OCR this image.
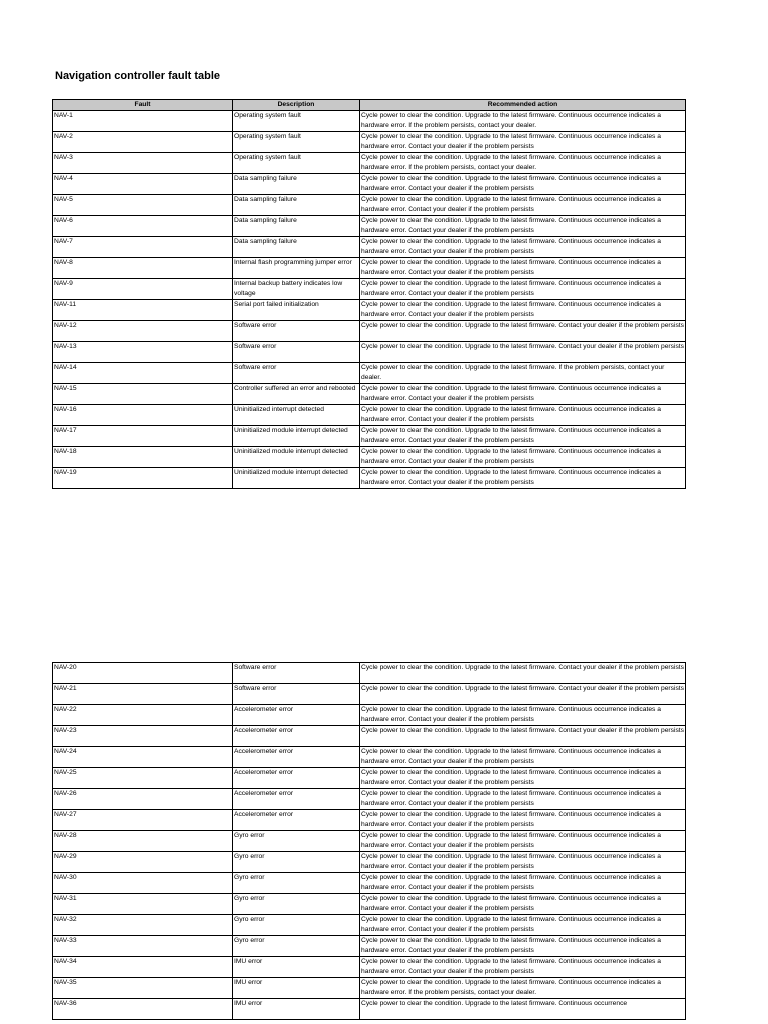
Navigation controller fault table
Fault	Description	Recommended action
NAV-1	Operating system fault	Cycle power to clear the condition. Upgrade to the latest firmware. Continuous occurrence indicates a hardware error. If the problem persists, contact your dealer.
NAV-2	Operating system fault	Cycle power to clear the condition. Upgrade to the latest firmware. Continuous occurrence indicates a hardware error. Contact your dealer if the problem persists
NAV-3	Operating system fault	Cycle power to clear the condition. Upgrade to the latest firmware. Continuous occurrence indicates a hardware error. If the problem persists, contact your dealer.
NAV-4	Data sampling failure	Cycle power to clear the condition. Upgrade to the latest firmware. Continuous occurrence indicates a hardware error. Contact your dealer if the problem persists
NAV-5	Data sampling failure	Cycle power to clear the condition. Upgrade to the latest firmware. Continuous occurrence indicates a hardware error. Contact your dealer if the problem persists
NAV-6	Data sampling failure	Cycle power to clear the condition. Upgrade to the latest firmware. Continuous occurrence indicates a hardware error. Contact your dealer if the problem persists
NAV-7	Data sampling failure	Cycle power to clear the condition. Upgrade to the latest firmware. Continuous occurrence indicates a hardware error. Contact your dealer if the problem persists
NAV-8	Internal flash programming jumper error	Cycle power to clear the condition. Upgrade to the latest firmware. Continuous occurrence indicates a hardware error. Contact your dealer if the problem persists
NAV-9	Internal backup battery indicates low voltage	Cycle power to clear the condition. Upgrade to the latest firmware. Continuous occurrence indicates a hardware error. Contact your dealer if the problem persists
NAV-11	Serial port failed initialization	Cycle power to clear the condition. Upgrade to the latest firmware. Continuous occurrence indicates a hardware error. Contact your dealer if the problem persists
NAV-12	Software error	Cycle power to clear the condition. Upgrade to the latest firmware. Contact your dealer if the problem persists
NAV-13	Software error	Cycle power to clear the condition. Upgrade to the latest firmware. Contact your dealer if the problem persists
NAV-14	Software error	Cycle power to clear the condition. Upgrade to the latest firmware. If the problem persists, contact your dealer.
NAV-15	Controller suffered an error and rebooted	Cycle power to clear the condition. Upgrade to the latest firmware. Continuous occurrence indicates a hardware error. Contact your dealer if the problem persists
NAV-16	Uninitialized interrupt detected	Cycle power to clear the condition. Upgrade to the latest firmware. Continuous occurrence indicates a hardware error. Contact your dealer if the problem persists
NAV-17	Uninitialized module interrupt detected	Cycle power to clear the condition. Upgrade to the latest firmware. Continuous occurrence indicates a hardware error. Contact your dealer if the problem persists
NAV-18	Uninitialized module interrupt detected	Cycle power to clear the condition. Upgrade to the latest firmware. Continuous occurrence indicates a hardware error. Contact your dealer if the problem persists
NAV-19	Uninitialized module interrupt detected	Cycle power to clear the condition. Upgrade to the latest firmware. Continuous occurrence indicates a hardware error. Contact your dealer if the problem persists
NAV-20	Software error	Cycle power to clear the condition. Upgrade to the latest firmware. Contact your dealer if the problem persists
NAV-21	Software error	Cycle power to clear the condition. Upgrade to the latest firmware. Contact your dealer if the problem persists
NAV-22	Accelerometer error	Cycle power to clear the condition. Upgrade to the latest firmware. Continuous occurrence indicates a hardware error. Contact your dealer if the problem persists
NAV-23	Accelerometer error	Cycle power to clear the condition. Upgrade to the latest firmware. Contact your dealer if the problem persists
NAV-24	Accelerometer error	Cycle power to clear the condition. Upgrade to the latest firmware. Continuous occurrence indicates a hardware error. Contact your dealer if the problem persists
NAV-25	Accelerometer error	Cycle power to clear the condition. Upgrade to the latest firmware. Continuous occurrence indicates a hardware error. Contact your dealer if the problem persists
NAV-26	Accelerometer error	Cycle power to clear the condition. Upgrade to the latest firmware. Continuous occurrence indicates a hardware error. Contact your dealer if the problem persists
NAV-27	Accelerometer error	Cycle power to clear the condition. Upgrade to the latest firmware. Continuous occurrence indicates a hardware error. Contact your dealer if the problem persists
NAV-28	Gyro error	Cycle power to clear the condition. Upgrade to the latest firmware. Continuous occurrence indicates a hardware error. Contact your dealer if the problem persists
NAV-29	Gyro error	Cycle power to clear the condition. Upgrade to the latest firmware. Continuous occurrence indicates a hardware error. Contact your dealer if the problem persists
NAV-30	Gyro error	Cycle power to clear the condition. Upgrade to the latest firmware. Continuous occurrence indicates a hardware error. Contact your dealer if the problem persists
NAV-31	Gyro error	Cycle power to clear the condition. Upgrade to the latest firmware. Continuous occurrence indicates a hardware error. Contact your dealer if the problem persists
NAV-32	Gyro error	Cycle power to clear the condition. Upgrade to the latest firmware. Continuous occurrence indicates a hardware error. Contact your dealer if the problem persists
NAV-33	Gyro error	Cycle power to clear the condition. Upgrade to the latest firmware. Continuous occurrence indicates a hardware error. Contact your dealer if the problem persists
NAV-34	IMU error	Cycle power to clear the condition. Upgrade to the latest firmware. Continuous occurrence indicates a hardware error. Contact your dealer if the problem persists
NAV-35	IMU error	Cycle power to clear the condition. Upgrade to the latest firmware. Continuous occurrence indicates a hardware error. If the problem persists, contact your dealer.
NAV-36	IMU error	Cycle power to clear the condition. Upgrade to the latest firmware. Continuous occurrence
